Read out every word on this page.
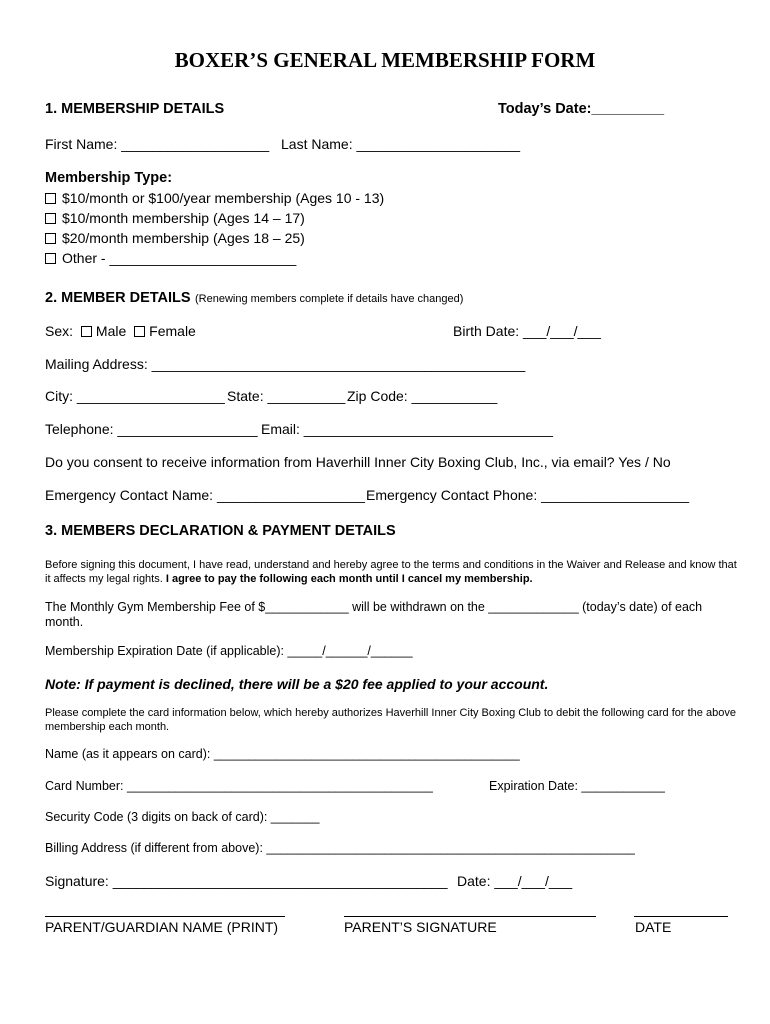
BOXER’S GENERAL MEMBERSHIP FORM
1. MEMBERSHIP DETAILS	Today’s Date:_________
First Name: ___________________ Last Name: _____________________
Membership Type:
$10/month or $100/year membership (Ages 10 - 13)
$10/month membership (Ages 14 – 17)
$20/month membership (Ages 18 – 25)
Other - ________________________
2. MEMBER DETAILS (Renewing members complete if details have changed)
Sex: Male Female	Birth Date: ___/___/___
Mailing Address: ________________________________________________
City: ___________________ State: __________ Zip Code: ___________
Telephone: __________________ Email: ________________________________
Do you consent to receive information from Haverhill Inner City Boxing Club, Inc., via email? Yes / No
Emergency Contact Name: ___________________ Emergency Contact Phone: ___________________
3. MEMBERS DECLARATION & PAYMENT DETAILS
Before signing this document, I have read, understand and hereby agree to the terms and conditions in the Waiver and Release and know that it affects my legal rights. I agree to pay the following each month until I cancel my membership.
The Monthly Gym Membership Fee of $____________ will be withdrawn on the _____________ (today’s date) of each month.
Membership Expiration Date (if applicable): _____/______/______
Note: If payment is declined, there will be a $20 fee applied to your account.
Please complete the card information below, which hereby authorizes Haverhill Inner City Boxing Club to debit the following card for the above membership each month.
Name (as it appears on card): ____________________________________________
Card Number: ____________________________________________	Expiration Date: ____________
Security Code (3 digits on back of card): _______
Billing Address (if different from above): _____________________________________________________
Signature: ___________________________________________ Date: ___/___/___
PARENT/GUARDIAN NAME (PRINT)	PARENT’S SIGNATURE	DATE
